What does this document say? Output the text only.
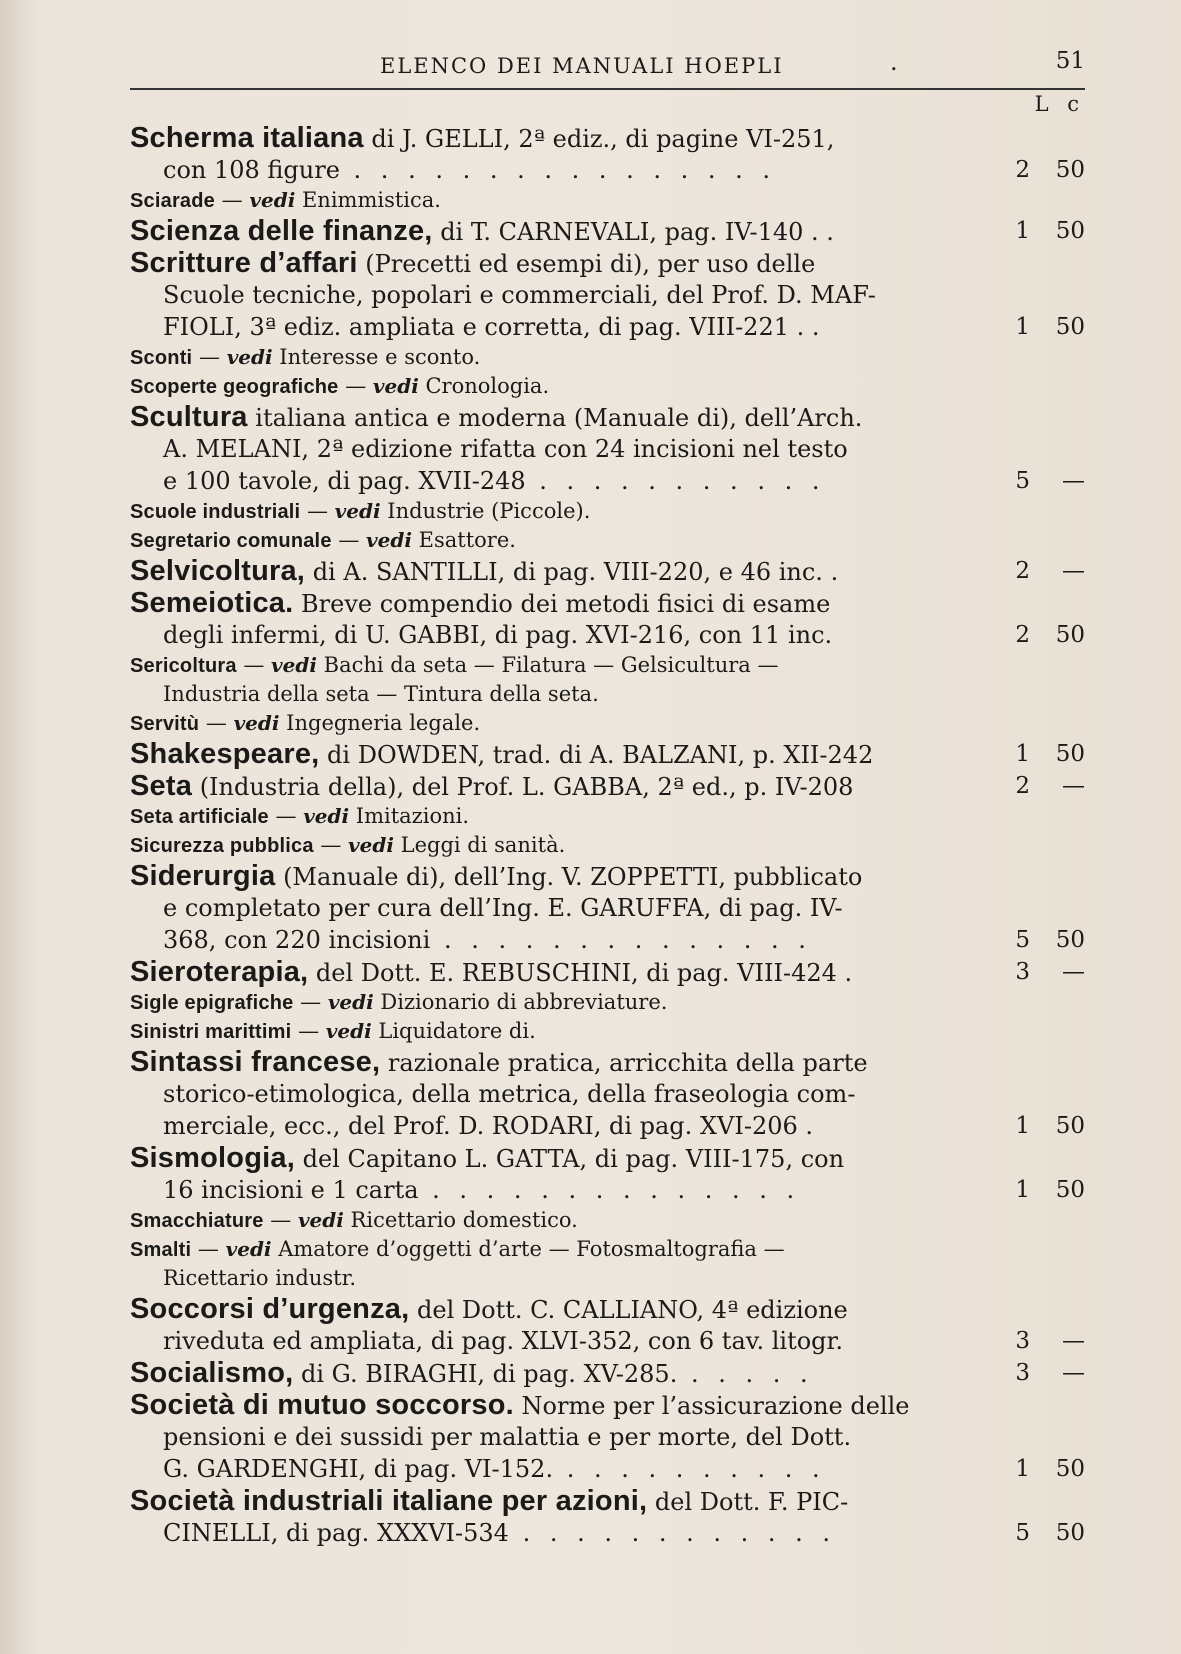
ELENCO DEI MANUALI HOEPLI	.	51
L c
Scherma italiana di J. GELLI, 2ª ediz., di pagine VI-251,
con 108 figure . . . . . . . . . . . . . . . .	2	50
Sciarade — vedi Enimmistica.
Scienza delle finanze, di T. CARNEVALI, pag. IV-140 . .	1	50
Scritture d’affari (Precetti ed esempi di), per uso delle
Scuole tecniche, popolari e commerciali, del Prof. D. MAF-
FIOLI, 3ª ediz. ampliata e corretta, di pag. VIII-221 . .	1	50
Sconti — vedi Interesse e sconto.
Scoperte geografiche — vedi Cronologia.
Scultura italiana antica e moderna (Manuale di), dell’Arch.
A. MELANI, 2ª edizione rifatta con 24 incisioni nel testo
e 100 tavole, di pag. XVII-248 . . . . . . . . . . .	5	—
Scuole industriali — vedi Industrie (Piccole).
Segretario comunale — vedi Esattore.
Selvicoltura, di A. SANTILLI, di pag. VIII-220, e 46 inc. .	2	—
Semeiotica. Breve compendio dei metodi fisici di esame
degli infermi, di U. GABBI, di pag. XVI-216, con 11 inc.	2	50
Sericoltura — vedi Bachi da seta — Filatura — Gelsicultura —
Industria della seta — Tintura della seta.
Servitù — vedi Ingegneria legale.
Shakespeare, di DOWDEN, trad. di A. BALZANI, p. XII-242	1	50
Seta (Industria della), del Prof. L. GABBA, 2ª ed., p. IV-208	2	—
Seta artificiale — vedi Imitazioni.
Sicurezza pubblica — vedi Leggi di sanità.
Siderurgia (Manuale di), dell’Ing. V. ZOPPETTI, pubblicato
e completato per cura dell’Ing. E. GARUFFA, di pag. IV-
368, con 220 incisioni . . . . . . . . . . . . . .	5	50
Sieroterapia, del Dott. E. REBUSCHINI, di pag. VIII-424 .	3	—
Sigle epigrafiche — vedi Dizionario di abbreviature.
Sinistri marittimi — vedi Liquidatore di.
Sintassi francese, razionale pratica, arricchita della parte
storico-etimologica, della metrica, della fraseologia com-
merciale, ecc., del Prof. D. RODARI, di pag. XVI-206 .	1	50
Sismologia, del Capitano L. GATTA, di pag. VIII-175, con
16 incisioni e 1 carta . . . . . . . . . . . . . .	1	50
Smacchiature — vedi Ricettario domestico.
Smalti — vedi Amatore d’oggetti d’arte — Fotosmaltografia —
Ricettario industr.
Soccorsi d’urgenza, del Dott. C. CALLIANO, 4ª edizione
riveduta ed ampliata, di pag. XLVI-352, con 6 tav. litogr.	3	—
Socialismo, di G. BIRAGHI, di pag. XV-285. . . . . .	3	—
Società di mutuo soccorso. Norme per l’assicurazione delle
pensioni e dei sussidi per malattia e per morte, del Dott.
G. GARDENGHI, di pag. VI-152. . . . . . . . . . .	1	50
Società industriali italiane per azioni, del Dott. F. PIC-
CINELLI, di pag. XXXVI-534 . . . . . . . . . . . .	5	50
